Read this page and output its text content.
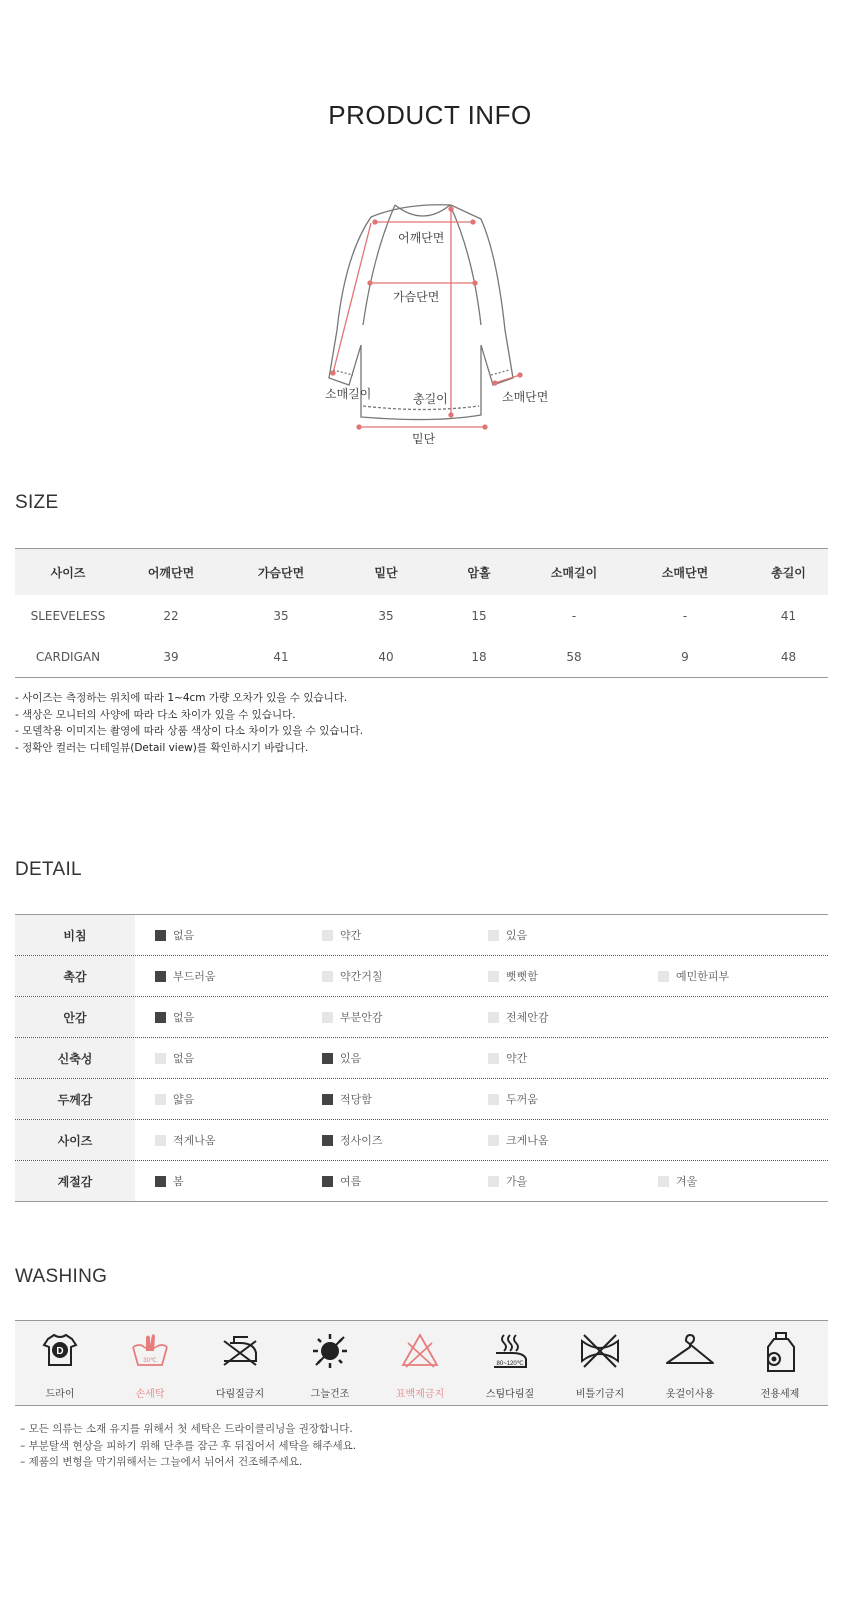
PRODUCT INFO
어깨단면
가슴단면
소매길이	총길이	소매단면
밑단
SIZE
사이즈	어깨단면	가슴단면	밑단	암홀	소매길이	소매단면	총길이
SLEEVELESS	22	35	35	15	-	-	41
CARDIGAN	39	41	40	18	58	9	48
- 사이즈는 측정하는 위치에 따라 1~4cm 가량 오차가 있을 수 있습니다.
- 색상은 모니터의 사양에 따라 다소 차이가 있을 수 있습니다.
- 모델착용 이미지는 촬영에 따라 상품 색상이 다소 차이가 있을 수 있습니다.
- 정확안 컬러는 디테일뷰(Detail view)를 확인하시기 바랍니다.
DETAIL
비침	없음	약간	있음
촉감	부드러움	약간거칠	뻣뻣함	예민한피부
안감	없음	부분안감	전체안감
신축성	없음	있음	약간
두께감	얇음	적당함	두꺼움
사이즈	적게나옴	정사이즈	크게나옴
계절감	봄	여름	가을	겨울
WASHING
D
드라이
30℃
손세탁	다림질금지	그늘건조	표백제금지
80~120℃
스팀다림질	비틀기금지	옷걸이사용	전용세제
– 모든 의류는 소재 유지를 위해서 첫 세탁은 드라이클리닝을 권장합니다.
– 부분탈색 현상을 피하기 위해 단추를 잠근 후 뒤집어서 세탁을 해주세요.
– 제품의 변형을 막기위해서는 그늘에서 뉘어서 건조해주세요.
